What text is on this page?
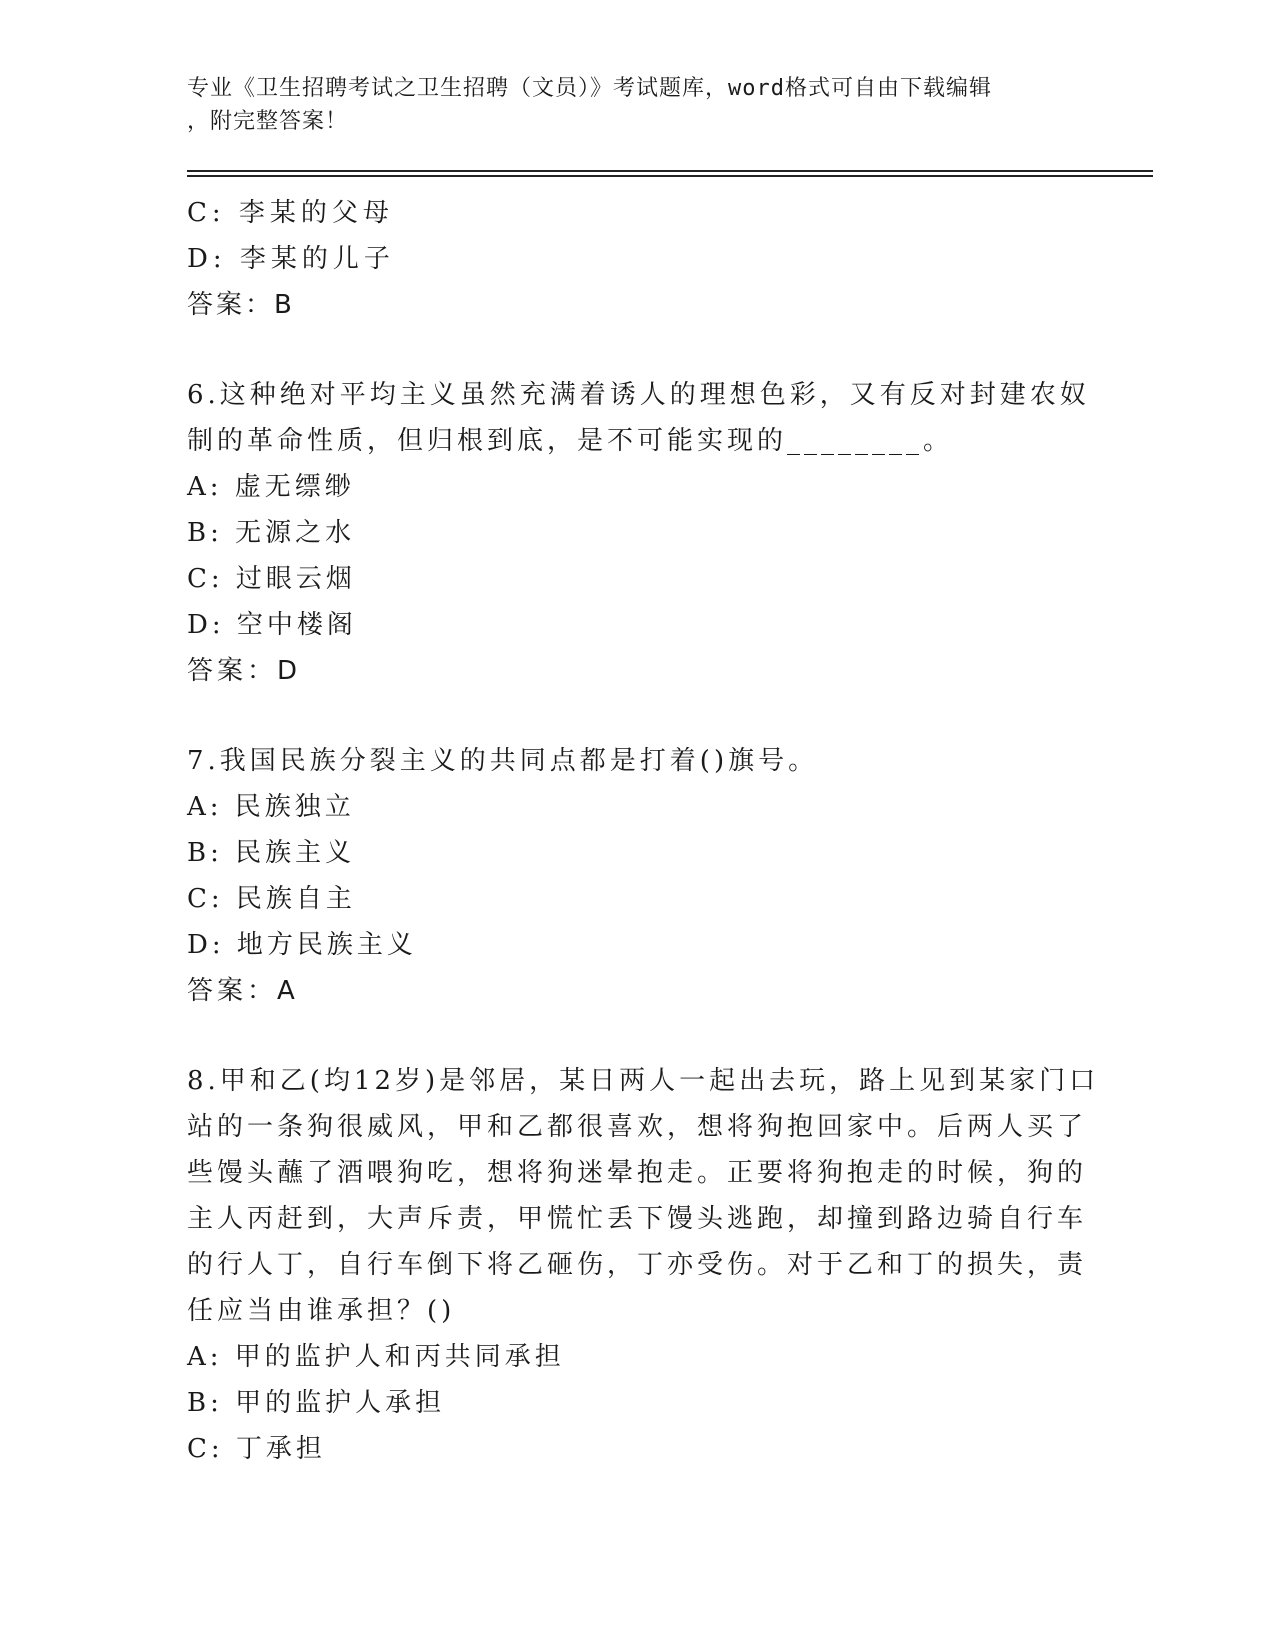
专业《卫生招聘考试之卫生招聘（文员）》考试题库，word格式可自由下载编辑
，附完整答案！
C: 李某的父母
D: 李某的儿子
答案：B
6.这种绝对平均主义虽然充满着诱人的理想色彩，又有反对封建农奴
制的革命性质，但归根到底，是不可能实现的________。
A: 虚无缥缈
B: 无源之水
C: 过眼云烟
D: 空中楼阁
答案：D
7.我国民族分裂主义的共同点都是打着()旗号。
A: 民族独立
B: 民族主义
C: 民族自主
D: 地方民族主义
答案：A
8.甲和乙(均12岁)是邻居，某日两人一起出去玩，路上见到某家门口
站的一条狗很威风，甲和乙都很喜欢，想将狗抱回家中。后两人买了
些馒头蘸了酒喂狗吃，想将狗迷晕抱走。正要将狗抱走的时候，狗的
主人丙赶到，大声斥责，甲慌忙丢下馒头逃跑，却撞到路边骑自行车
的行人丁，自行车倒下将乙砸伤，丁亦受伤。对于乙和丁的损失，责
任应当由谁承担？()
A: 甲的监护人和丙共同承担
B: 甲的监护人承担
C: 丁承担
